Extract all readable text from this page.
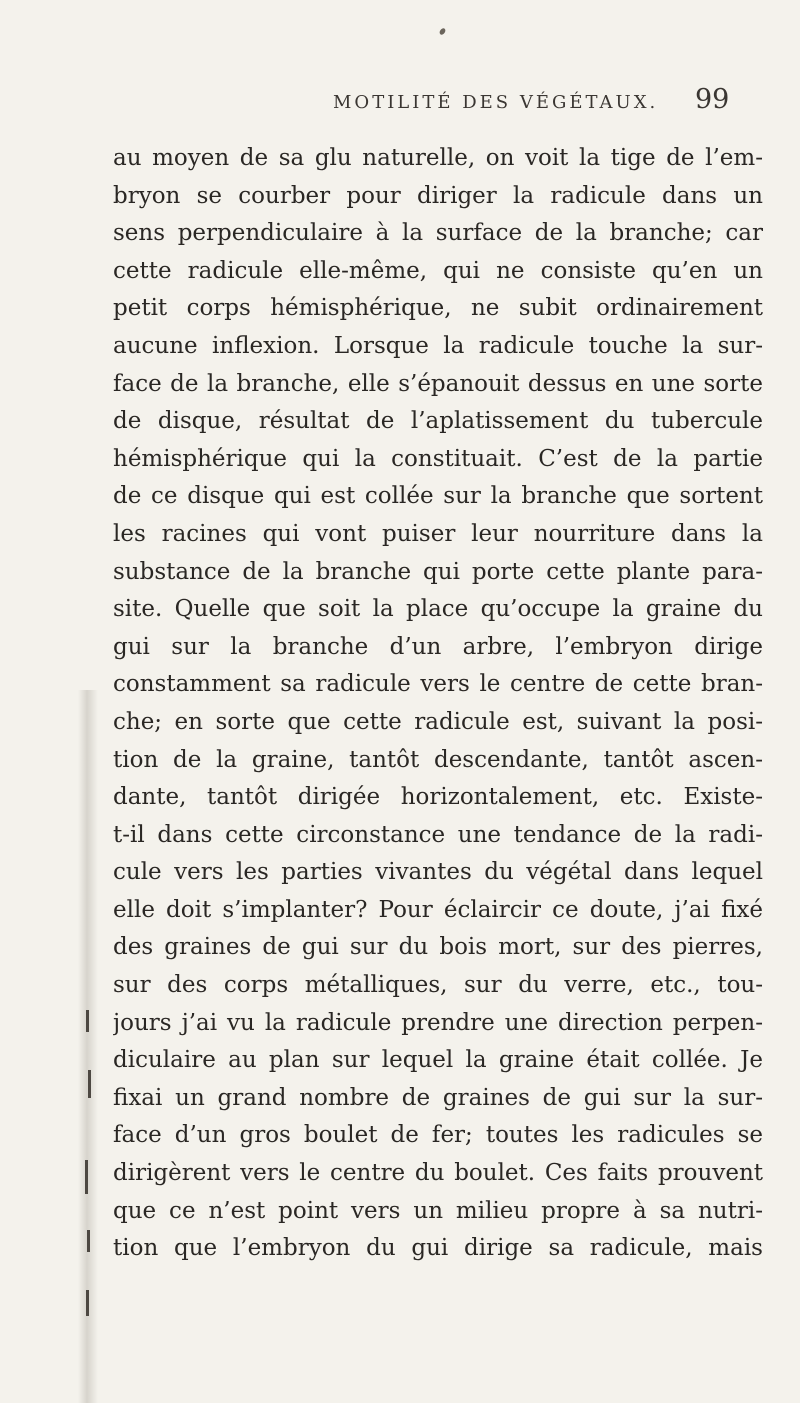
MOTILITÉ DES VÉGÉTAUX. 99
au moyen de sa glu naturelle, on voit la tige de l’em-
bryon se courber pour diriger la radicule dans un
sens perpendiculaire à la surface de la branche; car
cette radicule elle-même, qui ne consiste qu’en un
petit corps hémisphérique, ne subit ordinairement
aucune inflexion. Lorsque la radicule touche la sur-
face de la branche, elle s’épanouit dessus en une sorte
de disque, résultat de l’aplatissement du tubercule
hémisphérique qui la constituait. C’est de la partie
de ce disque qui est collée sur la branche que sortent
les racines qui vont puiser leur nourriture dans la
substance de la branche qui porte cette plante para-
site. Quelle que soit la place qu’occupe la graine du
gui sur la branche d’un arbre, l’embryon dirige
constamment sa radicule vers le centre de cette bran-
che; en sorte que cette radicule est, suivant la posi-
tion de la graine, tantôt descendante, tantôt ascen-
dante, tantôt dirigée horizontalement, etc. Existe-
t-il dans cette circonstance une tendance de la radi-
cule vers les parties vivantes du végétal dans lequel
elle doit s’implanter? Pour éclaircir ce doute, j’ai fixé
des graines de gui sur du bois mort, sur des pierres,
sur des corps métalliques, sur du verre, etc., tou-
jours j’ai vu la radicule prendre une direction perpen-
diculaire au plan sur lequel la graine était collée. Je
fixai un grand nombre de graines de gui sur la sur-
face d’un gros boulet de fer; toutes les radicules se
dirigèrent vers le centre du boulet. Ces faits prouvent
que ce n’est point vers un milieu propre à sa nutri-
tion que l’embryon du gui dirige sa radicule, mais
